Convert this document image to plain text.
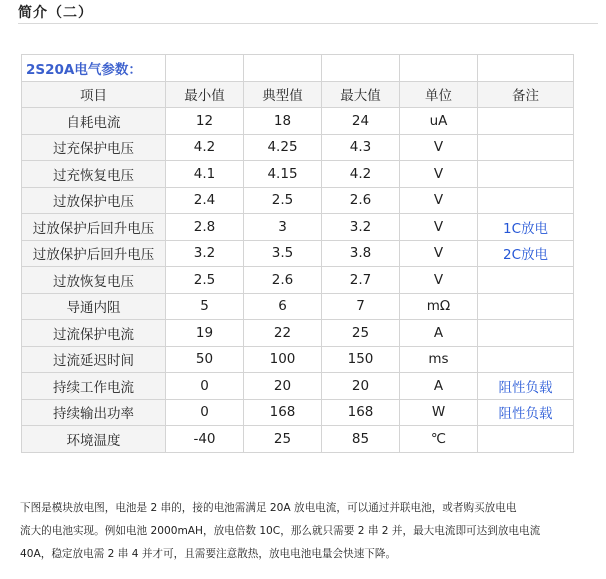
简介（二）
2S20A电气参数：					
项目	最小值	典型值	最大值	单位	备注
自耗电流	12	18	24	uA	
过充保护电压	4.2	4.25	4.3	V	
过充恢复电压	4.1	4.15	4.2	V	
过放保护电压	2.4	2.5	2.6	V	
过放保护后回升电压	2.8	3	3.2	V	1C放电
过放保护后回升电压	3.2	3.5	3.8	V	2C放电
过放恢复电压	2.5	2.6	2.7	V	
导通内阻	5	6	7	mΩ	
过流保护电流	19	22	25	A	
过流延迟时间	50	100	150	ms	
持续工作电流	0	20	20	A	阻性负载
持续输出功率	0	168	168	W	阻性负载
环境温度	-40	25	85	℃	

下图是模块放电图，电池是 2 串的，接的电池需满足 20A 放电电流，可以通过并联电池，或者购买放电电

流大的电池实现。例如电池 2000mAH，放电倍数 10C，那么就只需要 2 串 2 并，最大电流即可达到放电电流

40A，稳定放电需 2 串 4 并才可，且需要注意散热，放电电池电量会快速下降。
